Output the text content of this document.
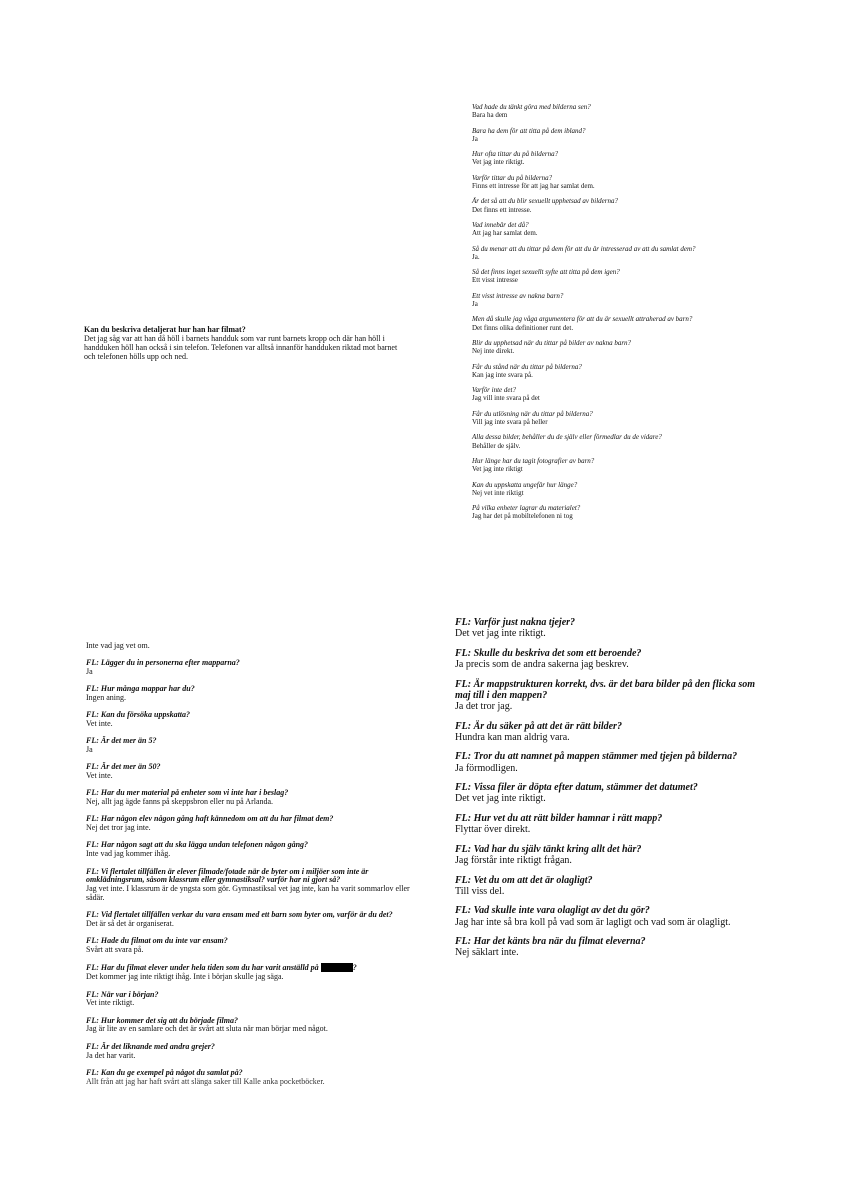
Kan du beskriva detaljerat hur han har filmat?
Det jag såg var att han då höll i barnets handduk som var runt barnets kropp och där han höll i handduken höll han också i sin telefon. Telefonen var alltså innanför handduken riktad mot barnet och telefonen hölls upp och ned.
Vad hade du tänkt göra med bilderna sen?
Bara ha dem
Bara ha dem för att titta på dem ibland?
Ja
Hur ofta tittar du på bilderna?
Vet jag inte riktigt.
Varför tittar du på bilderna?
Finns ett intresse för att jag har samlat dem.
Är det så att du blir sexuellt upphetsad av bilderna?
Det finns ett intresse.
Vad innebär det då?
Att jag har samlat dem.
Så du menar att du tittar på dem för att du är intresserad av att du samlat dem?
Ja.
Så det finns inget sexuellt syfte att titta på dem igen?
Ett visst intresse
Ett visst intresse av nakna barn?
Ja
Men då skulle jag våga argumentera för att du är sexuellt attraherad av barn?
Det finns olika definitioner runt det.
Blir du upphetsad när du tittar på bilder av nakna barn?
Nej inte direkt.
Får du stånd när du tittar på bilderna?
Kan jag inte svara på.
Varför inte det?
Jag vill inte svara på det
Får du utlösning när du tittar på bilderna?
Vill jag inte svara på heller
Alla dessa bilder, behåller du de själv eller förmedlar du de vidare?
Behåller de själv.
Hur länge har du tagit fotografier av barn?
Vet jag inte riktigt
Kan du uppskatta ungefär hur länge?
Nej vet inte riktigt
På vilka enheter lagrar du materialet?
Jag har det på mobiltelefonen ni tog
Inte vad jag vet om.
FL: Lägger du in personerna efter mapparna?
Ja
FL: Hur många mappar har du?
Ingen aning.
FL: Kan du försöka uppskatta?
Vet inte.
FL: Är det mer än 5?
Ja
FL: Är det mer än 50?
Vet inte.
FL: Har du mer material på enheter som vi inte har i beslag?
Nej, allt jag ägde fanns på skeppsbron eller nu på Arlanda.
FL: Har någon elev någon gång haft kännedom om att du har filmat dem?
Nej det tror jag inte.
FL: Har någon sagt att du ska lägga undan telefonen någon gång?
Inte vad jag kommer ihåg.
FL: Vi flertalet tillfällen är elever filmade/fotade när de byter om i miljöer som inte är omklädningsrum, såsom klassrum eller gymnastiksal? varför har ni gjort så?
Jag vet inte. I klassrum är de yngsta som gör. Gymnastiksal vet jag inte, kan ha varit sommarlov eller sådär.
FL: Vid flertalet tillfällen verkar du vara ensam med ett barn som byter om, varför är du det?
Det är så det är organiserat.
FL: Hade du filmat om du inte var ensam?
Svårt att svara på.
FL: Har du filmat elever under hela tiden som du har varit anställd på	?
Det kommer jag inte riktigt ihåg. Inte i början skulle jag säga.
FL: När var i början?
Vet inte riktigt.
FL: Hur kommer det sig att du började filma?
Jag är lite av en samlare och det är svårt att sluta när man börjar med något.
FL: Är det liknande med andra grejer?
Ja det har varit.
FL: Kan du ge exempel på något du samlat på?
Allt från att jag har haft svårt att slänga saker till Kalle anka pocketböcker.
FL: Varför just nakna tjejer?
Det vet jag inte riktigt.
FL: Skulle du beskriva det som ett beroende?
Ja precis som de andra sakerna jag beskrev.
FL: Är mappstrukturen korrekt, dvs. är det bara bilder på den flicka som maj till i den mappen?
Ja det tror jag.
FL: Är du säker på att det är rätt bilder?
Hundra kan man aldrig vara.
FL: Tror du att namnet på mappen stämmer med tjejen på bilderna?
Ja förmodligen.
FL: Vissa filer är döpta efter datum, stämmer det datumet?
Det vet jag inte riktigt.
FL: Hur vet du att rätt bilder hamnar i rätt mapp?
Flyttar över direkt.
FL: Vad har du själv tänkt kring allt det här?
Jag förstår inte riktigt frågan.
FL: Vet du om att det är olagligt?
Till viss del.
FL: Vad skulle inte vara olagligt av det du gör?
Jag har inte så bra koll på vad som är lagligt och vad som är olagligt.
FL: Har det känts bra när du filmat eleverna?
Nej säklart inte.
